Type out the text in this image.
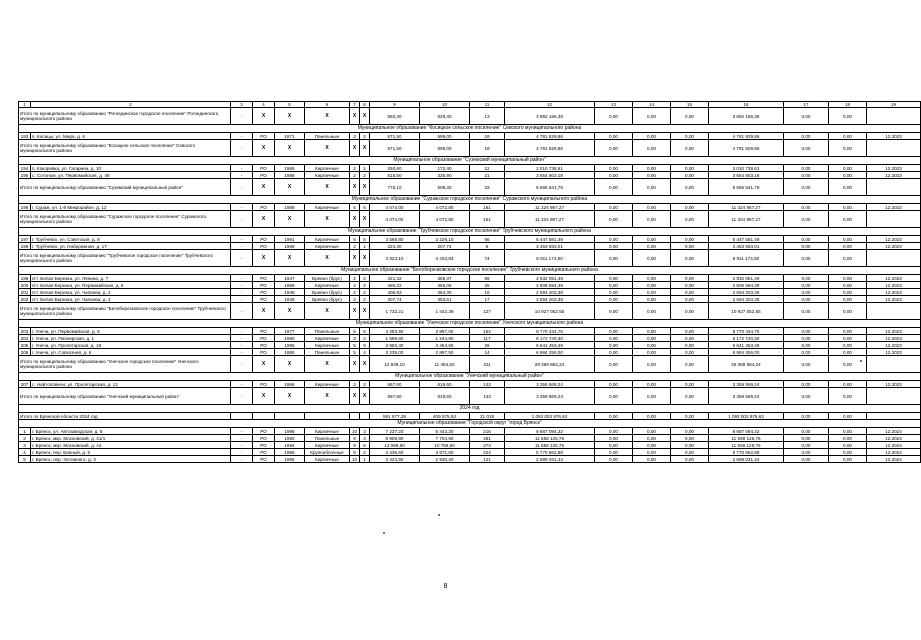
1	2	3	4	5	6	7	8	9	10	11	12	13	14	15	16	17	18	19
Итого по муниципальному образованию "Рогнединское городское поселение" Рогнединского муниципального района		-	X	X	X	X	X	592,40	529,40	13	3 892 196,38	0,00	0,00	0,00	3 892 196,38	0,00	0,00	
Муниципальное образование "Косицкое сельское поселение" Севского муниципального района																		
193	п. Косицы, ул. Мира, д. 6	-	РО	1971	Панельные	2	2	671,50	599,00	18	4 781 829,86	0,00	0,00	0,00	4 781 829,86	0,00	0,00	12.2023
Итого по муниципальному образованию "Косицкое сельское поселение" Севского муниципального района		-	X	X	X	X	X	671,50	599,00	18	4 781 829,86	0,00	0,00	0,00	4 781 829,86	0,00	0,00	
Муниципальное образование "Суземский муниципальный район"																		
194	п. Кокоревка, ул. Гагарина, д. 10	-	РО	1969	Кирпичные	2	1	260,60	172,40	12	2 010 738,61	0,00	0,00	0,00	2 010 738,61	0,00	0,00	12.2023
195	с. Сотоном, ул. Первомайская, д. 49	-	РО	1986	Кирпичные	2	2	515,50	335,90	21	3 654 803,18	0,00	0,00	0,00	3 654 803,18	0,00	0,00	12.2023
Итого по муниципальному образованию "Суземский муниципальный район"		-	X	X	X	X	X	776,10	508,30	33	5 665 541,79	0,00	0,00	0,00	5 665 541,79	0,00	0,00	
Муниципальное образование "Суражское городское поселение" Суражского муниципального района																		
196	г. Сураж, ул. 1-й Микрорайон, д. 12	-	РО	1989	Кирпичные	5	6	4 074,00	4 072,80	161	11 324 987,27	0,00	0,00	0,00	11 324 987,27	0,00	0,00	12.2023
Итого по муниципальному образованию "Суражское городское поселение" Суражского муниципального района		-	X	X	X	X	X	4 074,00	4 072,80	161	11 324 987,27	0,00	0,00	0,00	11 324 987,27	0,00	0,00	
Муниципальное образование "Трубчевское городское поселение" Трубчевского муниципального района																		
197	г. Трубчевск, ул. Советская, д. 8	-	РО	1991	Кирпичные	5	5	3 568,80	3 226,10	66	5 447 581,49	0,00	0,00	0,00	5 447 581,49	0,00	0,00	12.2023
198	г. Трубчевск, ул. Набережная, д. 17	-	РО	1968	Кирпичные	2	1	224,30	207,74	8	3 463 593,01	0,00	0,00	0,00	3 463 593,01	0,00	0,00	12.2023
Итого по муниципальному образованию "Трубчевское городское поселение" Трубчевского муниципального района		-	X	X	X	X	X	3 823,10	3 433,84	74	8 911 174,50	0,00	0,00	0,00	8 911 174,50	0,00	0,00	
Муниципальное образование "Белоберезковское городское поселение" Трубчевского муниципального района																		
199	пгт. Белая Березка, ул. Ленина, д. 7	-	РО	1947	Бревно (брус)	2	2	421,32	359,37	69	2 932 051,49	0,00	0,00	0,00	2 932 051,49	0,00	0,00	12.2023
200	пгт. Белая Березка, ул. Первомайская, д. 5	-	РО	1958	Кирпичные	2	2	496,22	355,06	25	2 806 594,39	0,00	0,00	0,00	2 806 594,39	0,00	0,00	12.2023
201	пгт. Белая Березка, ул. Чапаева, д. 2	-	РО	1948	Бревно (брус)	2	2	406,93	364,35	16	2 594 203,38	0,00	0,00	0,00	2 594 203,38	0,00	0,00	12.2023
202	пгт. Белая Березка, ул. Чапаева, д. 4	-	РО	1949	Бревно (брус)	2	2	407,74	363,61	17	2 594 203,38	0,00	0,00	0,00	2 594 203,38	0,00	0,00	12.2023
Итого по муниципальному образованию "Белоберезковское городское поселение" Трубчевского муниципального района		-	X	X	X	X	X	1 732,21	1 442,39	127	10 927 052,55	0,00	0,00	0,00	10 927 052,55	0,00	0,00	
Муниципальное образование "Унечское городское поселение" Унечского муниципального района																		
203	г. Унеча, ул. Первомайская, д. 8	-	РО	1977	Панельные	5	6	4 283,90	3 897,00	154	8 770 434,75	0,00	0,00	0,00	8 770 434,75	0,00	0,00	12.2023
204	г. Унеча, ул. Пионерская, д. 1	-	РО	1980	Кирпичные	3	2	1 559,80	1 244,90	117	6 172 740,30	0,00	0,00	0,00	6 172 740,30	0,00	0,00	12.2023
205	г. Унеча, ул. Пролетарская, д. 18	-	РО	1996	Кирпичные	5	6	3 892,40	3 464,60	26	6 641 453,49	0,00	0,00	0,00	6 641 453,49	0,00	0,00	12.2023
206	г. Унеча, ул. Совхозная, д. 6	-	РО	1985	Панельные	5	4	3 235,00	2 887,50	14	6 984 256,00	0,00	0,00	0,00	6 984 256,00	0,00	0,00	12.2023
Итого по муниципальному образованию "Унечское городское поселение" Унечского муниципального района		-	X	X	X	X	X	12 949,10	11 494,50	311	28 368 884,24	0,00	0,00	0,00	28 368 884,24	0,00	0,00	
Муниципальное образование "Унечский муниципальный район"																		
207	с. Найтоповичи, ул. Пролетарская, д. 12	-	РО	1966	Кирпичные	2	2	667,60	619,60	143	3 359 569,24	0,00	0,00	0,00	3 359 569,24	0,00	0,00	12.2023
Итого по муниципальному образованию "Унечский муниципальный район"		-	X	X	X	X	X	667,60	619,60	143	3 359 569,24	0,00	0,00	0,00	3 359 569,24	0,00	0,00	
2024 год																		
Итого по Брянской области 2024 год								591 877,38	409 575,53	21 018	1 093 003 976,62	0,00	0,00	0,00	1 093 003 976,62	0,00	0,00	
Муниципальное образование "Городской округ "город Брянск"																		
1	г. Брянск, ул. Автозаводская, д. 6	-	РО	1998	Кирпичные	10	3	7 237,20	6 443,20	216	8 687 094,32	0,00	0,00	0,00	8 687 094,32	0,00	0,00	12.2024
2	г. Брянск, мкр. Московский, д. 41/1	-	РО	1990	Панельные	9	4	8 909,80	7 704,80	361	11 558 125,76	0,00	0,00	0,00	11 558 125,76	0,00	0,00	12.2024
3	г. Брянск, мкр. Московский, д. 44	-	РО	1994	Кирпичные	9	6	13 069,60	10 759,50	373	11 558 125,76	0,00	0,00	0,00	11 558 125,76	0,00	0,00	12.2024
4	г. Брянск, пер. Банный, д. 6	-	РО	1996	Крупноблочные	9	2	4 436,60	3 671,50	224	5 770 662,88	0,00	0,00	0,00	5 770 662,88	0,00	0,00	12.2024
5	г. Брянск, пер. Энтяиного, д. 3	-	РО	1995	Кирпичные	10	1	3 423,90	2 930,20	121	2 689 031,44	0,00	0,00	0,00	2 689 031,44	0,00	0,00	12.2024
8
